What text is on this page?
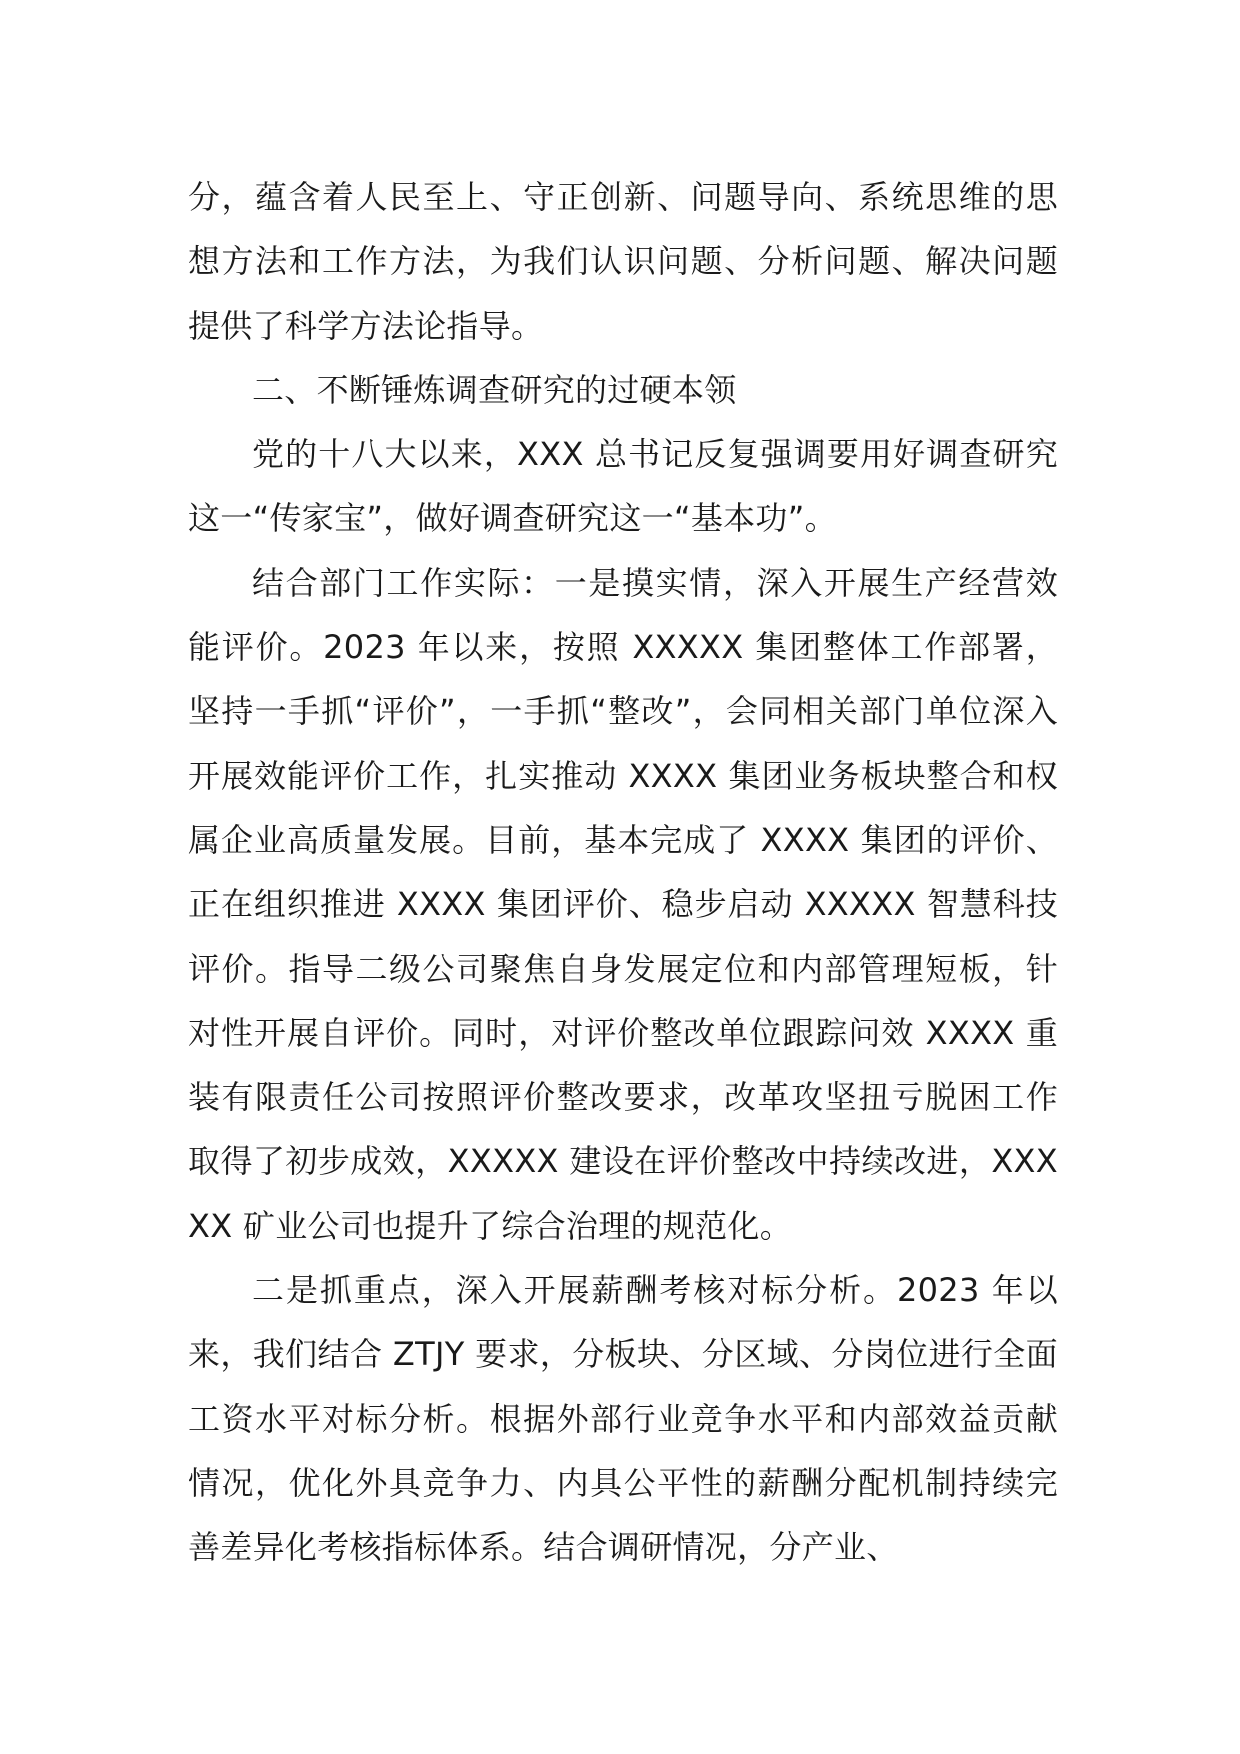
分，蕴含着人民至上、守正创新、问题导向、系统思维的思想方法和工作方法，为我们认识问题、分析问题、解决问题提供了科学方法论指导。

二、不断锤炼调查研究的过硬本领

党的十八大以来，XXX 总书记反复强调要用好调查研究这一“传家宝”，做好调查研究这一“基本功”。

结合部门工作实际：一是摸实情，深入开展生产经营效能评价。2023 年以来，按照 XXXXX 集团整体工作部署，坚持一手抓“评价”，一手抓“整改”，会同相关部门单位深入开展效能评价工作，扎实推动 XXXX 集团业务板块整合和权属企业高质量发展。目前，基本完成了 XXXX 集团的评价、正在组织推进 XXXX 集团评价、稳步启动 XXXXX 智慧科技评价。指导二级公司聚焦自身发展定位和内部管理短板，针对性开展自评价。同时，对评价整改单位跟踪问效 XXXX 重装有限责任公司按照评价整改要求，改革攻坚扭亏脱困工作取得了初步成效，XXXXX 建设在评价整改中持续改进，XXXXX 矿业公司也提升了综合治理的规范化。

二是抓重点，深入开展薪酬考核对标分析。2023 年以来，我们结合 ZTJY 要求，分板块、分区域、分岗位进行全面工资水平对标分析。根据外部行业竞争水平和内部效益贡献情况，优化外具竞争力、内具公平性的薪酬分配机制持续完善差异化考核指标体系。结合调研情况，分产业、
